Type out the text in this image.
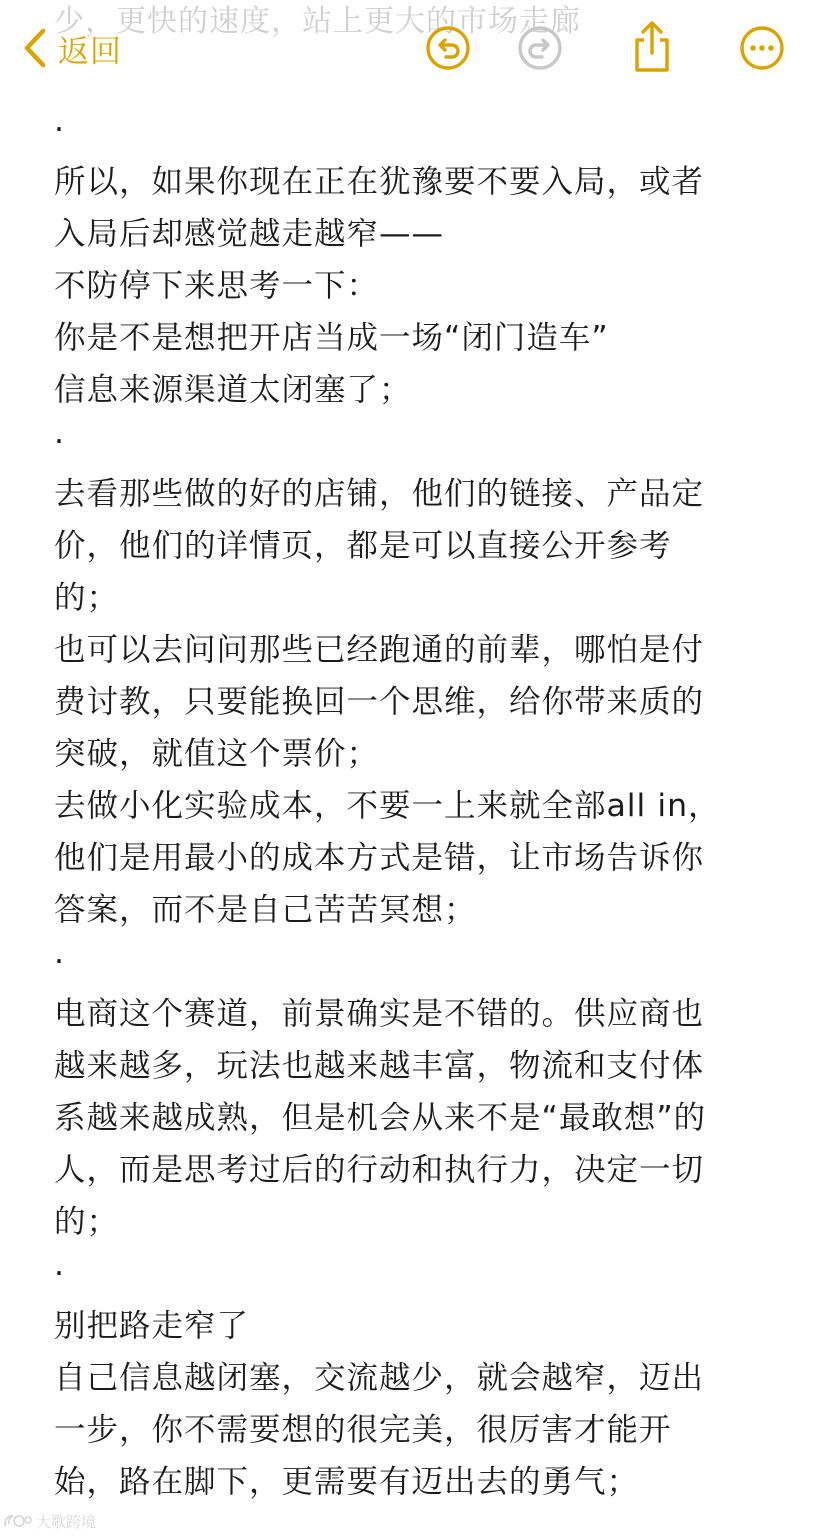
少，更快的速度，站上更大的市场走廊
返回
·
所以，如果你现在正在犹豫要不要入局，或者
入局后却感觉越走越窄——
不防停下来思考一下：
你是不是想把开店当成一场“闭门造车”
信息来源渠道太闭塞了；
·
去看那些做的好的店铺，他们的链接、产品定
价，他们的详情页，都是可以直接公开参考
的；
也可以去问问那些已经跑通的前辈，哪怕是付
费讨教，只要能换回一个思维，给你带来质的
突破，就值这个票价；
去做小化实验成本，不要一上来就全部all in，
他们是用最小的成本方式是错，让市场告诉你
答案，而不是自己苦苦冥想；
·
电商这个赛道，前景确实是不错的。供应商也
越来越多，玩法也越来越丰富，物流和支付体
系越来越成熟，但是机会从来不是“最敢想”的
人，而是思考过后的行动和执行力，决定一切
的；
·
别把路走窄了
自己信息越闭塞，交流越少，就会越窄，迈出
一步，你不需要想的很完美，很厉害才能开
始，路在脚下，更需要有迈出去的勇气；
大歌跨境
